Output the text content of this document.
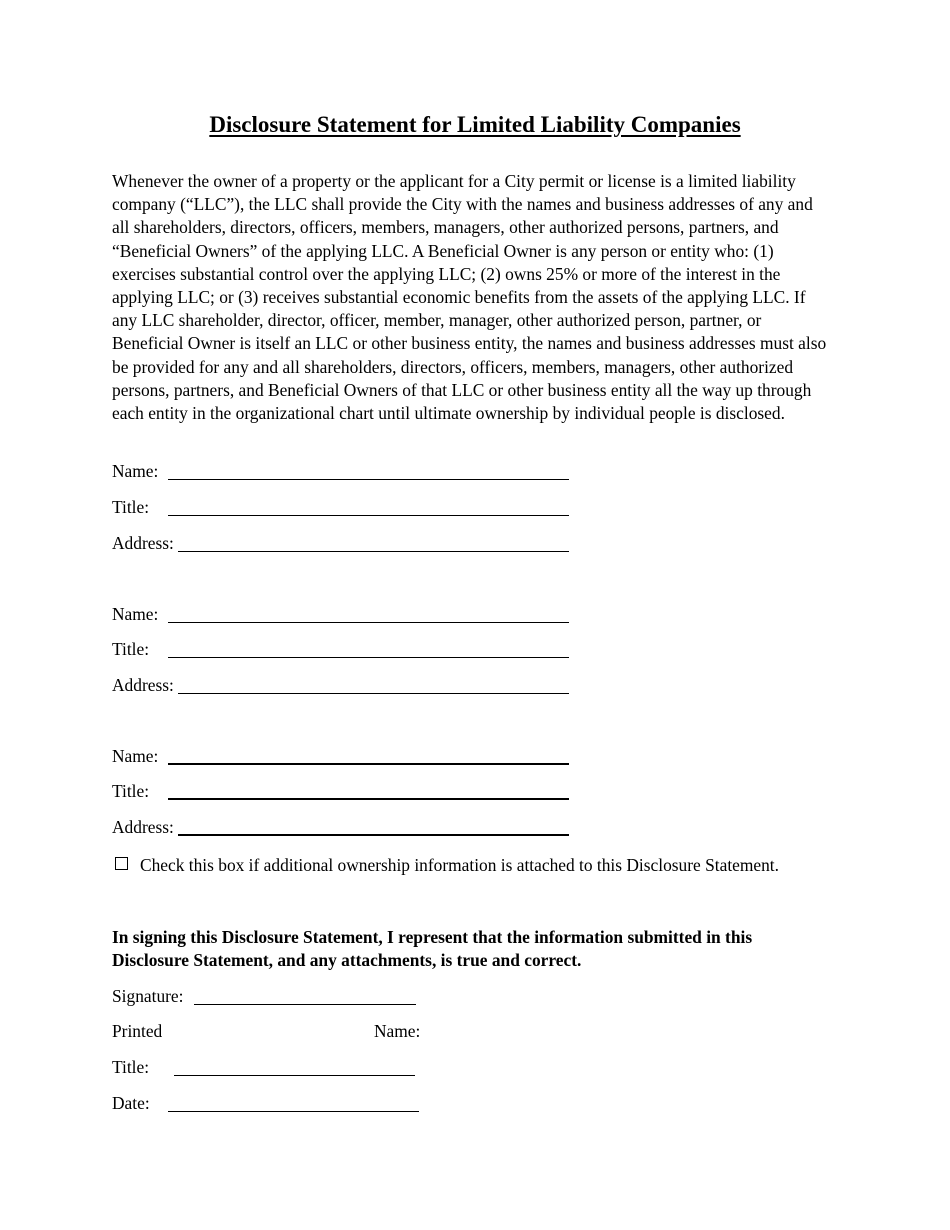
Disclosure Statement for Limited Liability Companies

Whenever the owner of a property or the applicant for a City permit or license is a limited liability company (“LLC”), the LLC shall provide the City with the names and business addresses of any and all shareholders, directors, officers, members, managers, other authorized persons, partners, and “Beneficial Owners” of the applying LLC. A Beneficial Owner is any person or entity who: (1) exercises substantial control over the applying LLC; (2) owns 25% or more of the interest in the applying LLC; or (3) receives substantial economic benefits from the assets of the applying LLC. If any LLC shareholder, director, officer, member, manager, other authorized person, partner, or Beneficial Owner is itself an LLC or other business entity, the names and business addresses must also be provided for any and all shareholders, directors, officers, members, managers, other authorized persons, partners, and Beneficial Owners of that LLC or other business entity all the way up through each entity in the organizational chart until ultimate ownership by individual people is disclosed.

Name:
Title:
Address:
Name:
Title:
Address:
Name:
Title:
Address:
Check this box if additional ownership information is attached to this Disclosure Statement.

In signing this Disclosure Statement, I represent that the information submitted in this Disclosure Statement, and any attachments, is true and correct.

Signature:
Printed	Name:
Title:
Date:
